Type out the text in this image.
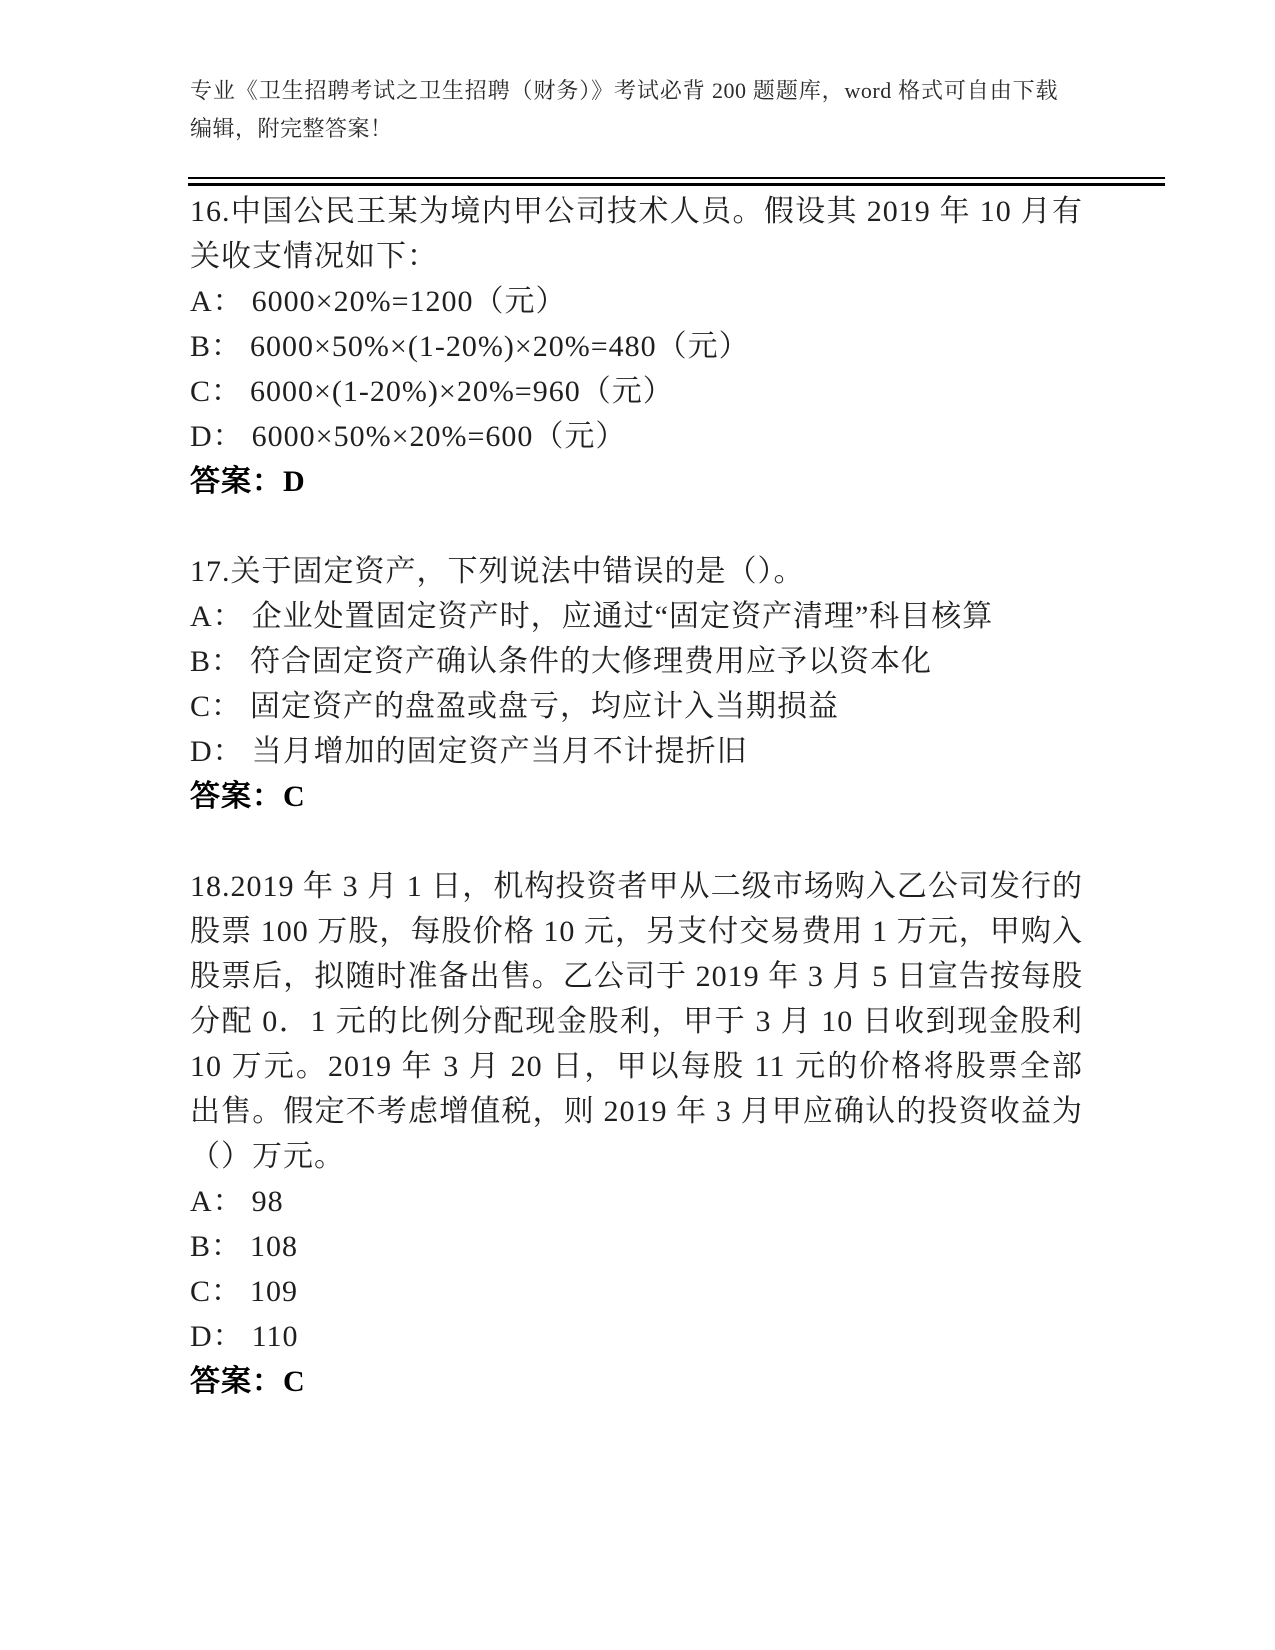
专业《卫生招聘考试之卫生招聘（财务）》考试必背 200 题题库，word 格式可自由下载编辑，附完整答案！
16.中国公民王某为境内甲公司技术人员。假设其 2019 年 10 月有关收支情况如下：
A： 6000×20%=1200（元）
B： 6000×50%×(1-20%)×20%=480（元）
C： 6000×(1-20%)×20%=960（元）
D： 6000×50%×20%=600（元）
答案：D
17.关于固定资产，下列说法中错误的是（）。
A： 企业处置固定资产时，应通过“固定资产清理”科目核算
B： 符合固定资产确认条件的大修理费用应予以资本化
C： 固定资产的盘盈或盘亏，均应计入当期损益
D： 当月增加的固定资产当月不计提折旧
答案：C
18.2019 年 3 月 1 日，机构投资者甲从二级市场购入乙公司发行的股票 100 万股，每股价格 10 元，另支付交易费用 1 万元，甲购入股票后，拟随时准备出售。乙公司于 2019 年 3 月 5 日宣告按每股分配 0．1 元的比例分配现金股利，甲于 3 月 10 日收到现金股利 10 万元。2019 年 3 月 20 日，甲以每股 11 元的价格将股票全部出售。假定不考虑增值税，则 2019 年 3 月甲应确认的投资收益为（）万元。
A： 98
B： 108
C： 109
D： 110
答案：C
